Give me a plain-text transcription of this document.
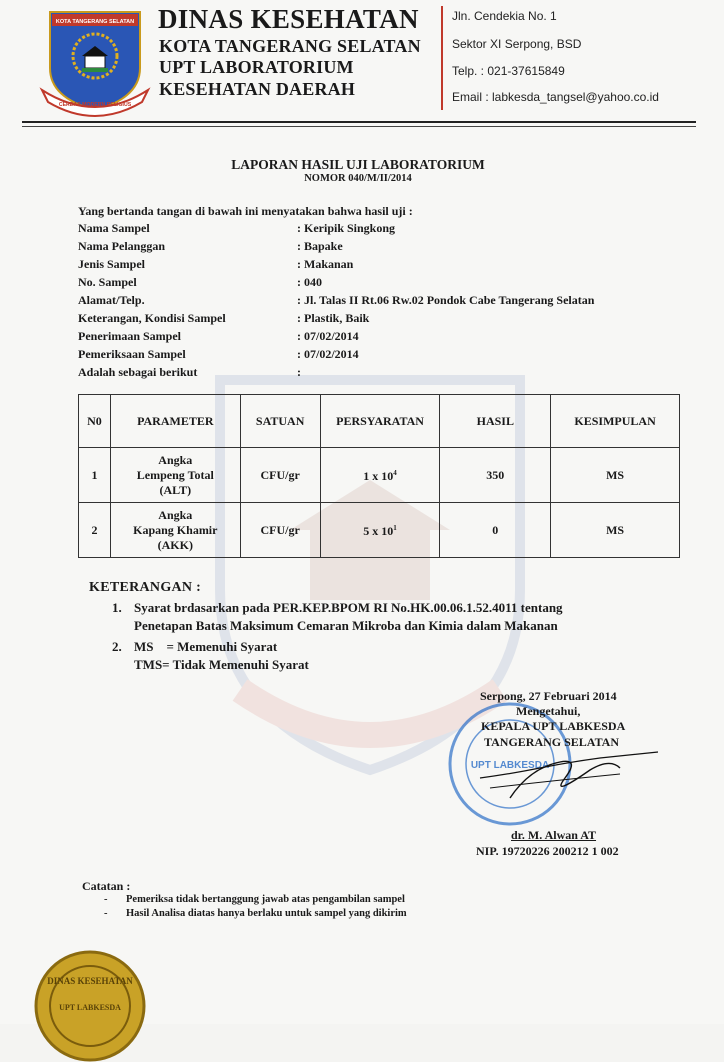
KOTA TANGERANG SELATAN
CERDAS MODERN RELIGIUS
DINAS KESEHATAN
KOTA TANGERANG SELATAN
UPT LABORATORIUM
KESEHATAN DAERAH
Jln. Cendekia No. 1
Sektor XI Serpong, BSD
Telp. : 021-37615849
Email : labkesda_tangsel@yahoo.co.id
LAPORAN HASIL UJI LABORATORIUM
NOMOR 040/M/II/2014
Yang bertanda tangan di bawah ini menyatakan bahwa hasil uji :
Nama Sampel	: Keripik Singkong
Nama Pelanggan	: Bapake
Jenis Sampel	: Makanan
No. Sampel	: 040
Alamat/Telp.	: Jl. Talas II Rt.06 Rw.02 Pondok Cabe Tangerang Selatan
Keterangan, Kondisi Sampel	: Plastik, Baik
Penerimaan Sampel	: 07/02/2014
Pemeriksaan Sampel	: 07/02/2014
Adalah sebagai berikut	:
N0	PARAMETER	SATUAN	PERSYARATAN	HASIL	KESIMPULAN
1	Angka
Lempeng Total
(ALT)	CFU/gr	1 x $10^4$	350	MS
2	Angka
Kapang Khamir
(AKK)	CFU/gr	5 x $10^1$	0	MS
KETERANGAN :
1. Syarat brdasarkan pada PER.KEP.BPOM RI No.HK.00.06.1.52.4011 tentang
Penetapan Batas Maksimum Cemaran Mikroba dan Kimia dalam Makanan
2. MS    = Memenuhi Syarat
TMS= Tidak Memenuhi Syarat
UPT LABKESDA
Serpong, 27 Februari 2014
Mengetahui,
KEPALA UPT LABKESDA
TANGERANG SELATAN
dr. M. Alwan AT
NIP. 19720226 200212 1 002
Catatan :
- Pemeriksa tidak bertanggung jawab atas pengambilan sampel
- Hasil Analisa diatas hanya berlaku untuk sampel yang dikirim
DINAS KESEHATAN
UPT LABKESDA
